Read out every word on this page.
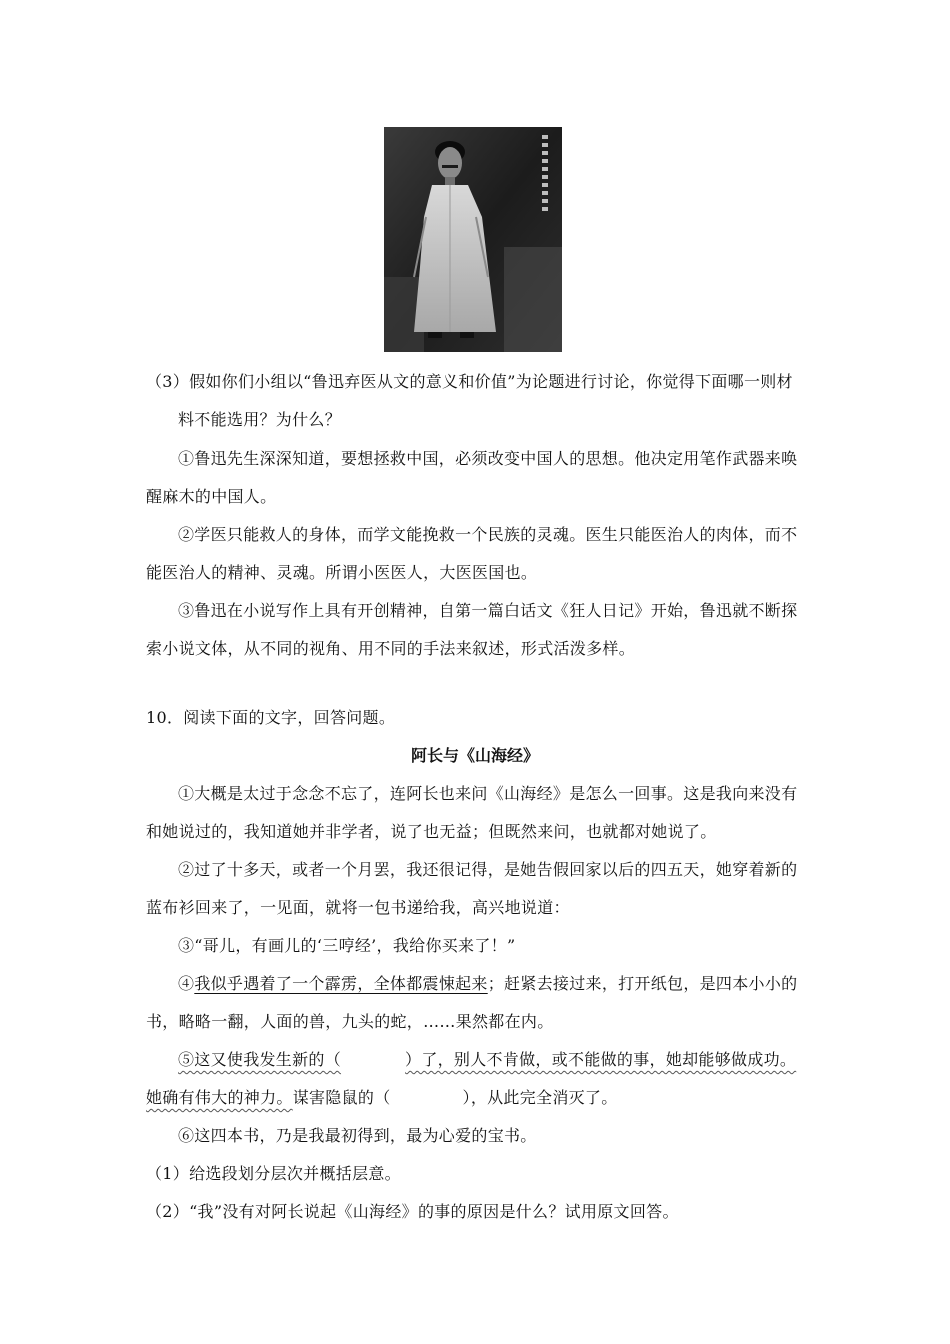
（3）假如你们小组以“鲁迅弃医从文的意义和价值”为论题进行讨论，你觉得下面哪一则材
料不能选用？为什么？
①鲁迅先生深深知道，要想拯救中国，必须改变中国人的思想。他决定用笔作武器来唤
醒麻木的中国人。
②学医只能救人的身体，而学文能挽救一个民族的灵魂。医生只能医治人的肉体，而不
能医治人的精神、灵魂。所谓小医医人，大医医国也。
③鲁迅在小说写作上具有开创精神，自第一篇白话文《狂人日记》开始，鲁迅就不断探
索小说文体，从不同的视角、用不同的手法来叙述，形式活泼多样。
10．阅读下面的文字，回答问题。
阿长与《山海经》
①大概是太过于念念不忘了，连阿长也来问《山海经》是怎么一回事。这是我向来没有
和她说过的，我知道她并非学者，说了也无益；但既然来问，也就都对她说了。
②过了十多天，或者一个月罢，我还很记得，是她告假回家以后的四五天，她穿着新的
蓝布衫回来了，一见面，就将一包书递给我，高兴地说道：
③“哥儿，有画儿的‘三哼经’，我给你买来了！”
④我似乎遇着了一个霹雳，全体都震悚起来；赶紧去接过来，打开纸包，是四本小小的
书，略略一翻，人面的兽，九头的蛇，……果然都在内。
⑤这又使我发生新的（	）了，别人不肯做，或不能做的事，她却能够做成功。
她确有伟大的神力。谋害隐鼠的（	），从此完全消灭了。
⑥这四本书，乃是我最初得到，最为心爱的宝书。
（1）给选段划分层次并概括层意。
（2）“我”没有对阿长说起《山海经》的事的原因是什么？试用原文回答。
